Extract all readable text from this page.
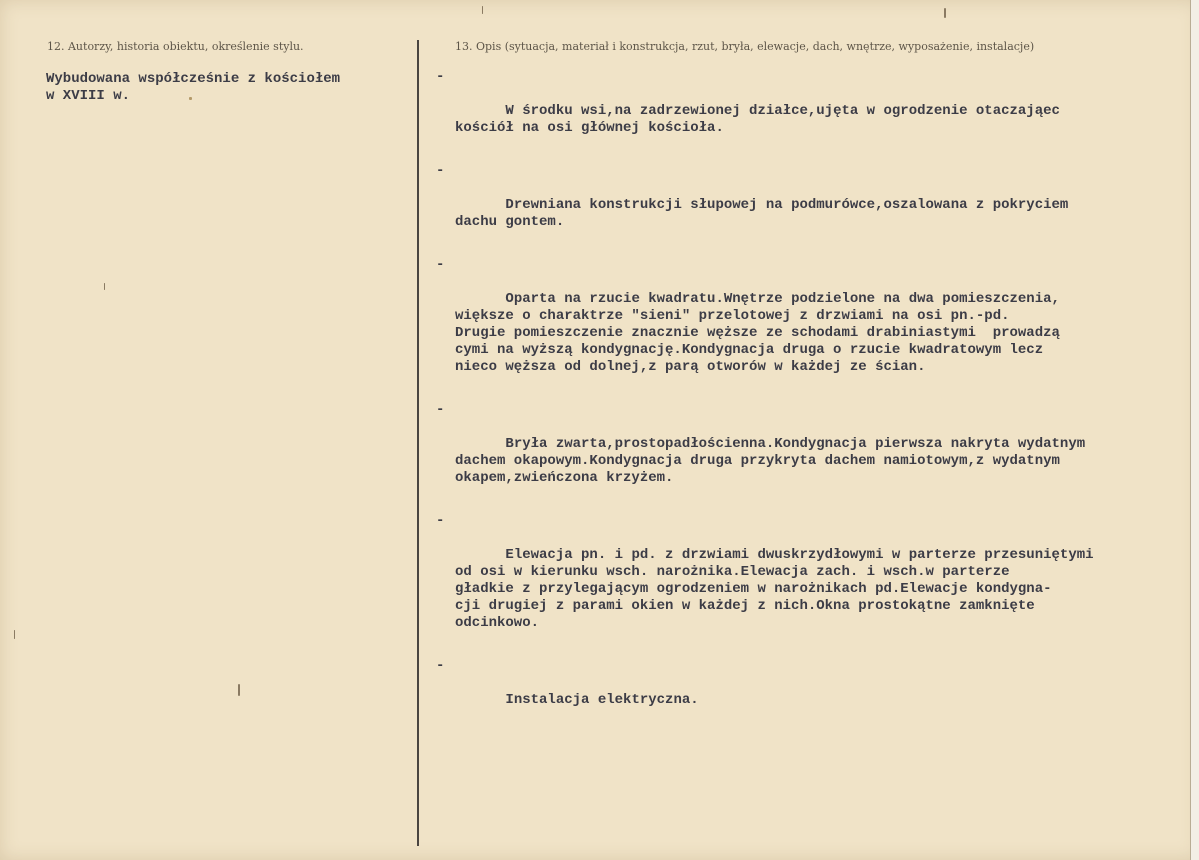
12. Autorzy, historia obiektu, określenie stylu.	13. Opis (sytuacja, materiał i konstrukcja, rzut, bryła, elewacje, dach, wnętrze, wyposażenie, instalacje)
Wybudowana współcześnie z kościołem
w XVIII w.

-

W środku wsi,na zadrzewionej działce,ujęta w ogrodzenie otaczająec
kościół na osi głównej kościoła.

-

Drewniana konstrukcji słupowej na podmurówce,oszalowana z pokryciem
dachu gontem.

-

Oparta na rzucie kwadratu.Wnętrze podzielone na dwa pomieszczenia,
większe o charaktrze "sieni" przelotowej z drzwiami na osi pn.-pd.
Drugie pomieszczenie znacznie węższe ze schodami drabiniastymi  prowadzą
cymi na wyższą kondygnację.Kondygnacja druga o rzucie kwadratowym lecz
nieco węższa od dolnej,z parą otworów w każdej ze ścian.

-

Bryła zwarta,prostopadłościenna.Kondygnacja pierwsza nakryta wydatnym
dachem okapowym.Kondygnacja druga przykryta dachem namiotowym,z wydatnym
okapem,zwieńczona krzyżem.

-

Elewacja pn. i pd. z drzwiami dwuskrzydłowymi w parterze przesuniętymi
od osi w kierunku wsch. narożnika.Elewacja zach. i wsch.w parterze
gładkie z przylegającym ogrodzeniem w narożnikach pd.Elewacje kondygna-
cji drugiej z parami okien w każdej z nich.Okna prostokątne zamknięte
odcinkowo.

-

Instalacja elektryczna.
